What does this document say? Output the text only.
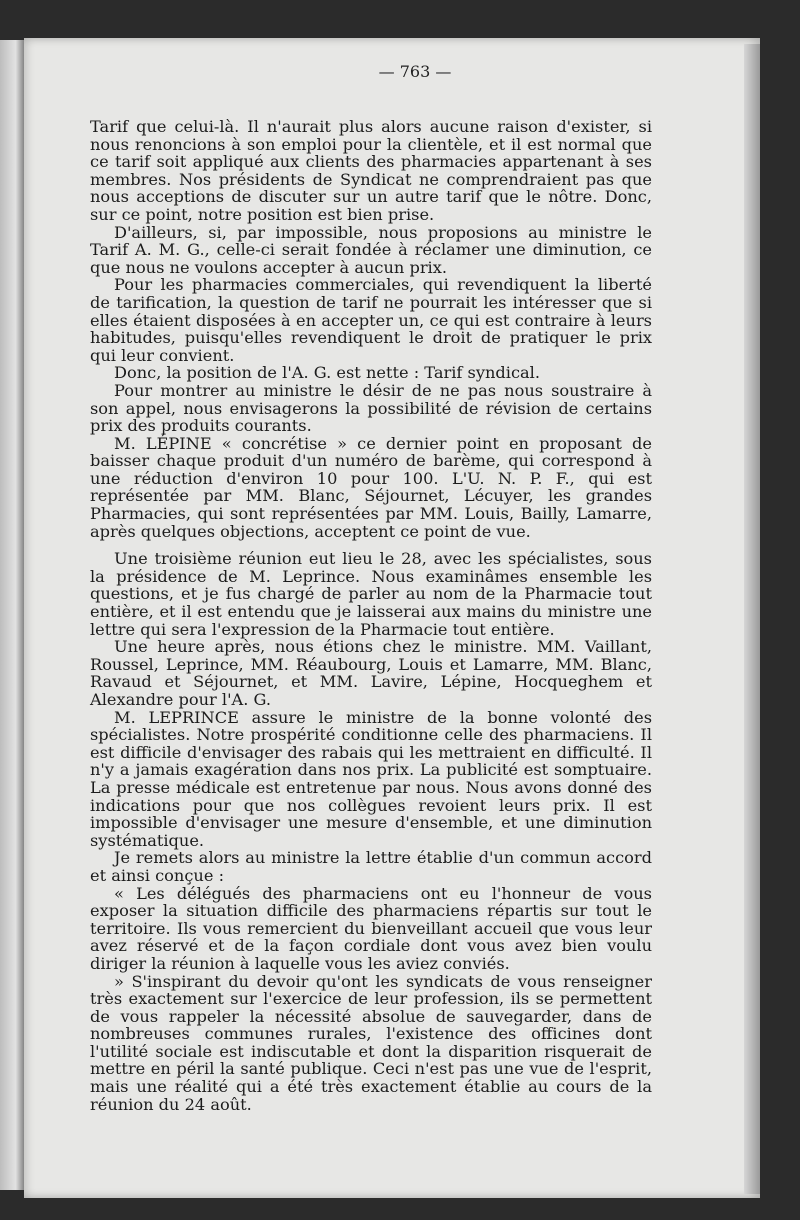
— 763 —

Tarif que celui-là. Il n'aurait plus alors aucune raison d'exister, si nous renoncions à son emploi pour la clientèle, et il est normal que ce tarif soit appliqué aux clients des pharmacies appartenant à ses membres. Nos présidents de Syndicat ne comprendraient pas que nous acceptions de discuter sur un autre tarif que le nôtre. Donc, sur ce point, notre position est bien prise.

D'ailleurs, si, par impossible, nous proposions au ministre le Tarif A. M. G., celle-ci serait fondée à réclamer une diminution, ce que nous ne voulons accepter à aucun prix.

Pour les pharmacies commerciales, qui revendiquent la liberté de tarification, la question de tarif ne pourrait les intéresser que si elles étaient disposées à en accepter un, ce qui est contraire à leurs habitudes, puisqu'elles revendiquent le droit de pratiquer le prix qui leur convient.

Donc, la position de l'A. G. est nette : Tarif syndical.

Pour montrer au ministre le désir de ne pas nous soustraire à son appel, nous envisagerons la possibilité de révision de certains prix des produits courants.

M. LÉPINE « concrétise » ce dernier point en proposant de baisser chaque produit d'un numéro de barème, qui correspond à une réduction d'environ 10 pour 100. L'U. N. P. F., qui est représentée par MM. Blanc, Séjournet, Lécuyer, les grandes Pharmacies, qui sont représentées par MM. Louis, Bailly, Lamarre, après quelques objections, acceptent ce point de vue.

Une troisième réunion eut lieu le 28, avec les spécialistes, sous la présidence de M. Leprince. Nous examinâmes ensemble les questions, et je fus chargé de parler au nom de la Pharmacie tout entière, et il est entendu que je laisserai aux mains du ministre une lettre qui sera l'expression de la Pharmacie tout entière.

Une heure après, nous étions chez le ministre. MM. Vaillant, Roussel, Leprince, MM. Réaubourg, Louis et Lamarre, MM. Blanc, Ravaud et Séjournet, et MM. Lavire, Lépine, Hocqueghem et Alexandre pour l'A. G.

M. LEPRINCE assure le ministre de la bonne volonté des spécialistes. Notre prospérité conditionne celle des pharmaciens. Il est difficile d'envisager des rabais qui les mettraient en difficulté. Il n'y a jamais exagération dans nos prix. La publicité est somptuaire. La presse médicale est entretenue par nous. Nous avons donné des indications pour que nos collègues revoient leurs prix. Il est impossible d'envisager une mesure d'ensemble, et une diminution systématique.

Je remets alors au ministre la lettre établie d'un commun accord et ainsi conçue :

« Les délégués des pharmaciens ont eu l'honneur de vous exposer la situation difficile des pharmaciens répartis sur tout le territoire. Ils vous remercient du bienveillant accueil que vous leur avez réservé et de la façon cordiale dont vous avez bien voulu diriger la réunion à laquelle vous les aviez conviés.

» S'inspirant du devoir qu'ont les syndicats de vous renseigner très exactement sur l'exercice de leur profession, ils se permettent de vous rappeler la nécessité absolue de sauvegarder, dans de nombreuses communes rurales, l'existence des officines dont l'utilité sociale est indiscutable et dont la disparition risquerait de mettre en péril la santé publique. Ceci n'est pas une vue de l'esprit, mais une réalité qui a été très exactement établie au cours de la réunion du 24 août.
